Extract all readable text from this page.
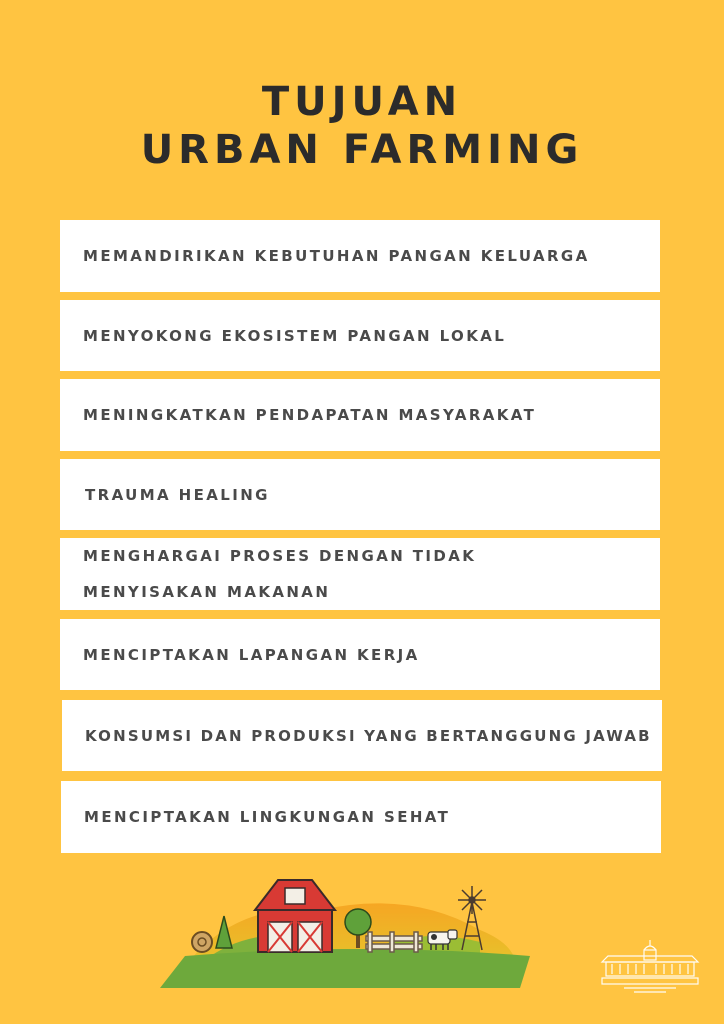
TUJUAN
URBAN FARMING
MEMANDIRIKAN KEBUTUHAN PANGAN KELUARGA
MENYOKONG EKOSISTEM PANGAN LOKAL
MENINGKATKAN PENDAPATAN MASYARAKAT
TRAUMA HEALING
MENGHARGAI PROSES DENGAN TIDAK MENYISAKAN MAKANAN
MENCIPTAKAN LAPANGAN KERJA
KONSUMSI DAN PRODUKSI YANG BERTANGGUNG JAWAB
MENCIPTAKAN LINGKUNGAN SEHAT
